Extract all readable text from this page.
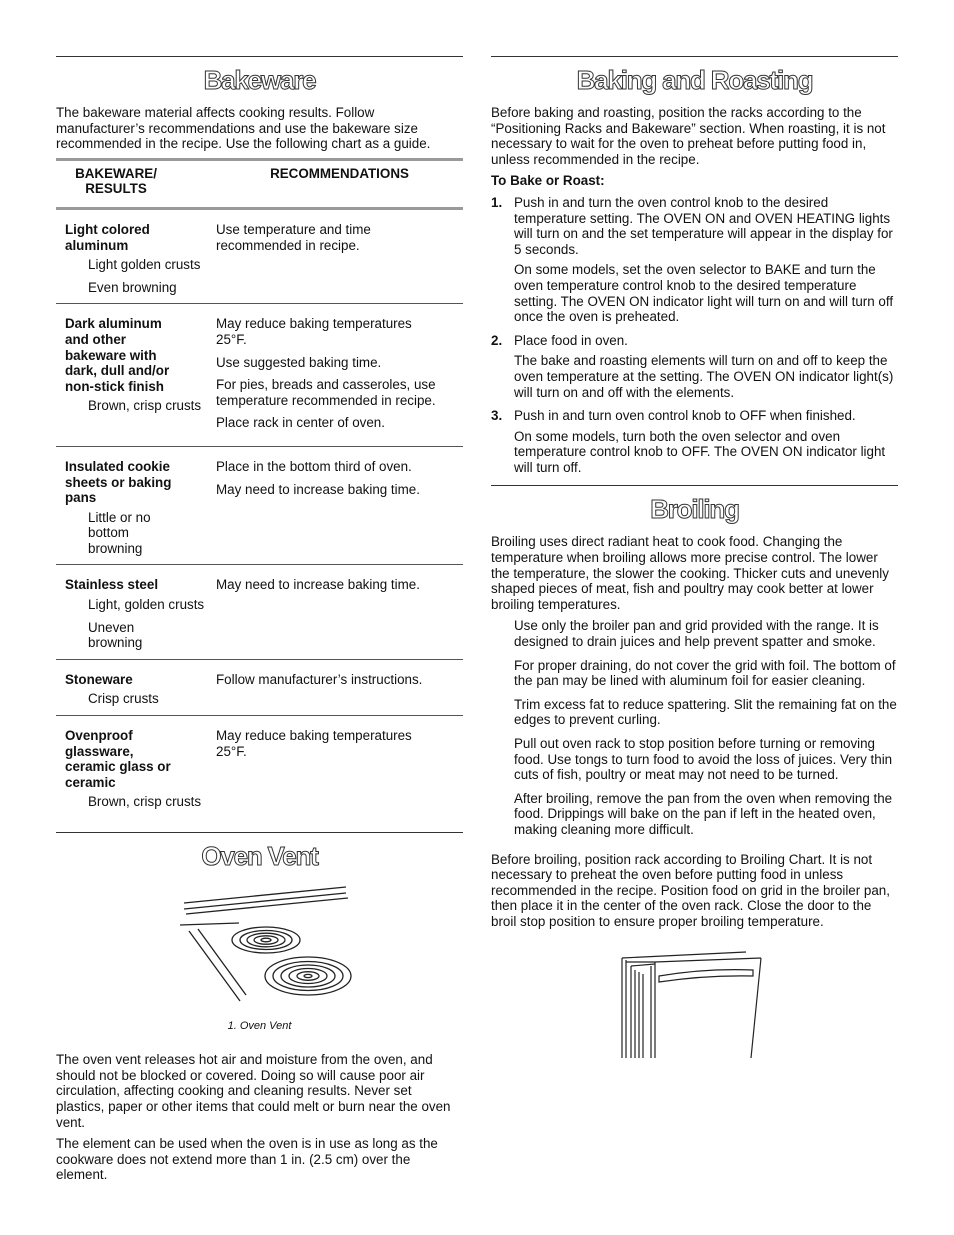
Bakeware

The bakeware material affects cooking results. Follow manufacturer’s recommendations and use the bakeware size recommended in the recipe. Use the following chart as a guide.

BAKEWARE/ RESULTS
RECOMMENDATIONS
Light colored aluminum
Light golden crusts
Even browning

Use temperature and time recommended in recipe.

Dark aluminum and other bakeware with dark, dull and/or non-stick finish
Brown, crisp crusts

May reduce baking temperatures 25°F.

Use suggested baking time.

For pies, breads and casseroles, use temperature recommended in recipe.

Place rack in center of oven.

Insulated cookie sheets or baking pans
Little or no bottom browning

Place in the bottom third of oven.

May need to increase baking time.

Stainless steel
Light, golden crusts
Uneven browning

May need to increase baking time.

Stoneware
Crisp crusts

Follow manufacturer’s instructions.

Ovenproof glassware, ceramic glass or ceramic
Brown, crisp crusts

May reduce baking temperatures 25°F.

Oven Vent
1. Oven Vent

The oven vent releases hot air and moisture from the oven, and should not be blocked or covered. Doing so will cause poor air circulation, affecting cooking and cleaning results. Never set plastics, paper or other items that could melt or burn near the oven vent.

The element can be used when the oven is in use as long as the cookware does not extend more than 1 in. (2.5 cm) over the element.

Baking and Roasting

Before baking and roasting, position the racks according to the “Positioning Racks and Bakeware” section. When roasting, it is not necessary to wait for the oven to preheat before putting food in, unless recommended in the recipe.

To Bake or Roast:
1. Push in and turn the oven control knob to the desired temperature setting. The OVEN ON and OVEN HEATING lights will turn on and the set temperature will appear in the display for 5 seconds.

On some models, set the oven selector to BAKE and turn the oven temperature control knob to the desired temperature setting. The OVEN ON indicator light will turn on and will turn off once the oven is preheated.

2. Place food in oven.

The bake and roasting elements will turn on and off to keep the oven temperature at the setting. The OVEN ON indicator light(s) will turn on and off with the elements.

3. Push in and turn oven control knob to OFF when finished.

On some models, turn both the oven selector and oven temperature control knob to OFF. The OVEN ON indicator light will turn off.

Broiling

Broiling uses direct radiant heat to cook food. Changing the temperature when broiling allows more precise control. The lower the temperature, the slower the cooking. Thicker cuts and unevenly shaped pieces of meat, fish and poultry may cook better at lower broiling temperatures.

Use only the broiler pan and grid provided with the range. It is designed to drain juices and help prevent spatter and smoke.

For proper draining, do not cover the grid with foil. The bottom of the pan may be lined with aluminum foil for easier cleaning.

Trim excess fat to reduce spattering. Slit the remaining fat on the edges to prevent curling.

Pull out oven rack to stop position before turning or removing food. Use tongs to turn food to avoid the loss of juices. Very thin cuts of fish, poultry or meat may not need to be turned.

After broiling, remove the pan from the oven when removing the food. Drippings will bake on the pan if left in the heated oven, making cleaning more difficult.

Before broiling, position rack according to Broiling Chart. It is not necessary to preheat the oven before putting food in unless recommended in the recipe. Position food on grid in the broiler pan, then place it in the center of the oven rack. Close the door to the broil stop position to ensure proper broiling temperature.
